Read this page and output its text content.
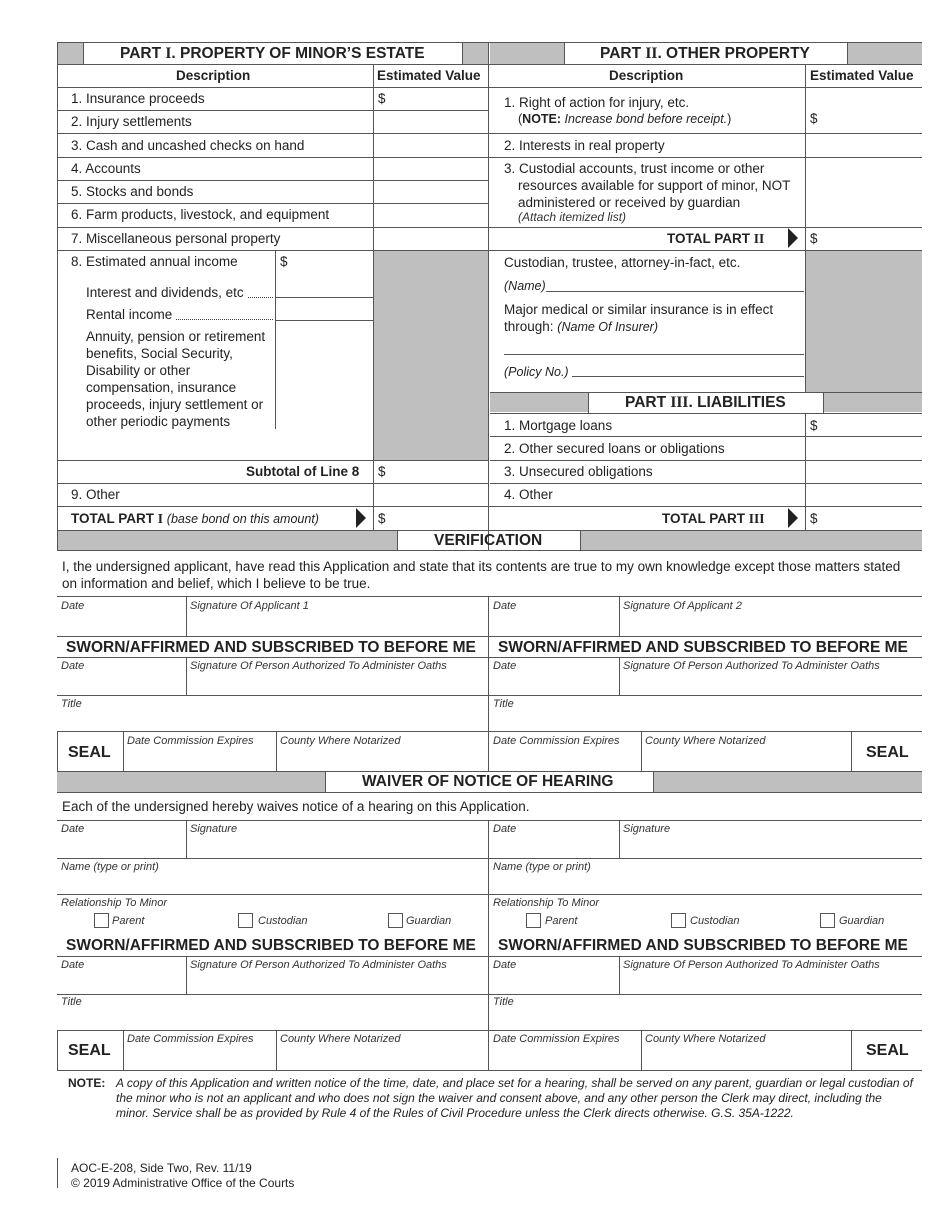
PART I. PROPERTY OF MINOR’S ESTATE
Description	Estimated Value
1. Insurance proceeds	$
2. Injury settlements
3. Cash and uncashed checks on hand
4. Accounts
5. Stocks and bonds
6. Farm products, livestock, and equipment
7. Miscellaneous personal property
8. Estimated annual income	$
Interest and dividends, etc
Rental income
Annuity, pension or retirement benefits, Social Security, Disability or other compensation, insurance proceeds, injury settlement or other periodic payments
Subtotal of Line 8 $
9. Other
TOTAL PART I (base bond on this amount)	$
PART II. OTHER PROPERTY
Description	Estimated Value
1. Right of action for injury, etc.
(NOTE: Increase bond before receipt.)	$
2. Interests in real property
3. Custodial accounts, trust income or other resources available for support of minor, NOT administered or received by guardian
(Attach itemized list)
TOTAL PART II	$
Custodian, trustee, attorney-in-fact, etc.
(Name)
Major medical or similar insurance is in effect
through: (Name Of Insurer)
(Policy No.)
PART III. LIABILITIES
1. Mortgage loans	$
2. Other secured loans or obligations
3. Unsecured obligations
4. Other
TOTAL PART III	$
VERIFICATION
I, the undersigned applicant, have read this Application and state that its contents are true to my own knowledge except those matters stated on information and belief, which I believe to be true.
Date	Signature Of Applicant 1	Date	Signature Of Applicant 2
SWORN/AFFIRMED AND SUBSCRIBED TO BEFORE ME SWORN/AFFIRMED AND SUBSCRIBED TO BEFORE ME
Date	Signature Of Person Authorized To Administer Oaths	Date	Signature Of Person Authorized To Administer Oaths
Title	Title
SEAL
Date Commission Expires County Where Notarized	Date Commission Expires County Where Notarized
SEAL
WAIVER OF NOTICE OF HEARING
Each of the undersigned hereby waives notice of a hearing on this Application.
Date	Signature	Date	Signature
Name (type or print)	Name (type or print)
Relationship To Minor	Relationship To Minor
Parent	Custodian	Guardian	Parent	Custodian	Guardian
SWORN/AFFIRMED AND SUBSCRIBED TO BEFORE ME SWORN/AFFIRMED AND SUBSCRIBED TO BEFORE ME
Date	Signature Of Person Authorized To Administer Oaths	Date	Signature Of Person Authorized To Administer Oaths
Title	Title
SEAL
Date Commission Expires County Where Notarized	Date Commission Expires County Where Notarized
SEAL
NOTE: A copy of this Application and written notice of the time, date, and place set for a hearing, shall be served on any parent, guardian or legal custodian of the minor who is not an applicant and who does not sign the waiver and consent above, and any other person the Clerk may direct, including the minor. Service shall be as provided by Rule 4 of the Rules of Civil Procedure unless the Clerk directs otherwise. G.S. 35A-1222.
AOC-E-208, Side Two, Rev. 11/19
© 2019 Administrative Office of the Courts
